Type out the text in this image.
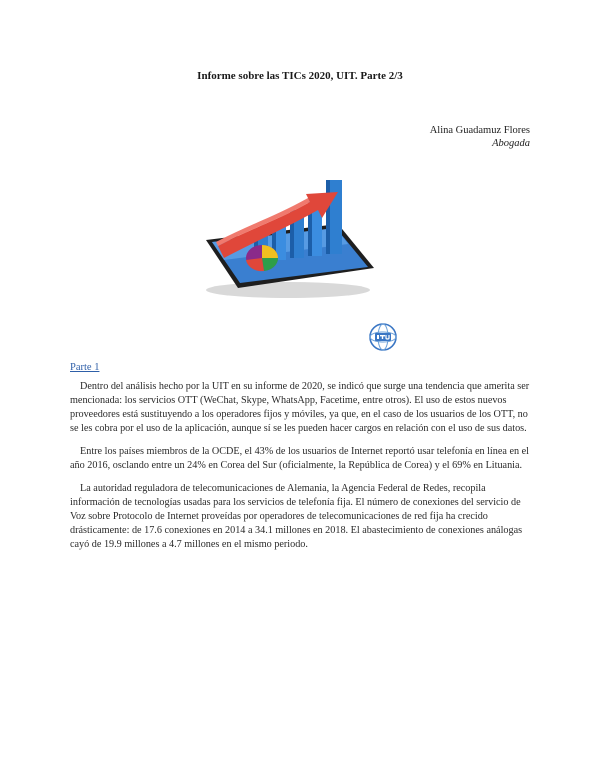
Informe sobre las TICs 2020, UIT. Parte 2/3
Alina Guadamuz Flores
Abogada
Parte 1

Dentro del análisis hecho por la UIT en su informe de 2020, se indicó que surge una tendencia que amerita ser mencionada: los servicios OTT (WeChat, Skype, WhatsApp, Facetime, entre otros). El uso de estos nuevos proveedores está sustituyendo a los operadores fijos y móviles, ya que, en el caso de los usuarios de los OTT, no se les cobra por el uso de la aplicación, aunque sí se les pueden hacer cargos en relación con el uso de sus datos.

Entre los países miembros de la OCDE, el 43% de los usuarios de Internet reportó usar telefonía en línea en el año 2016, osclando entre un 24% en Corea del Sur (oficialmente, la República de Corea) y el 69% en Lituania.

La autoridad reguladora de telecomunicaciones de Alemania, la Agencia Federal de Redes, recopila información de tecnologías usadas para los servicios de telefonía fija. El número de conexiones del servicio de Voz sobre Protocolo de Internet proveídas por operadores de telecomunicaciones de red fija ha crecido drásticamente: de 17.6 conexiones en 2014 a 34.1 millones en 2018. El abastecimiento de conexiones análogas cayó de 19.9 millones a 4.7 millones en el mismo periodo.
